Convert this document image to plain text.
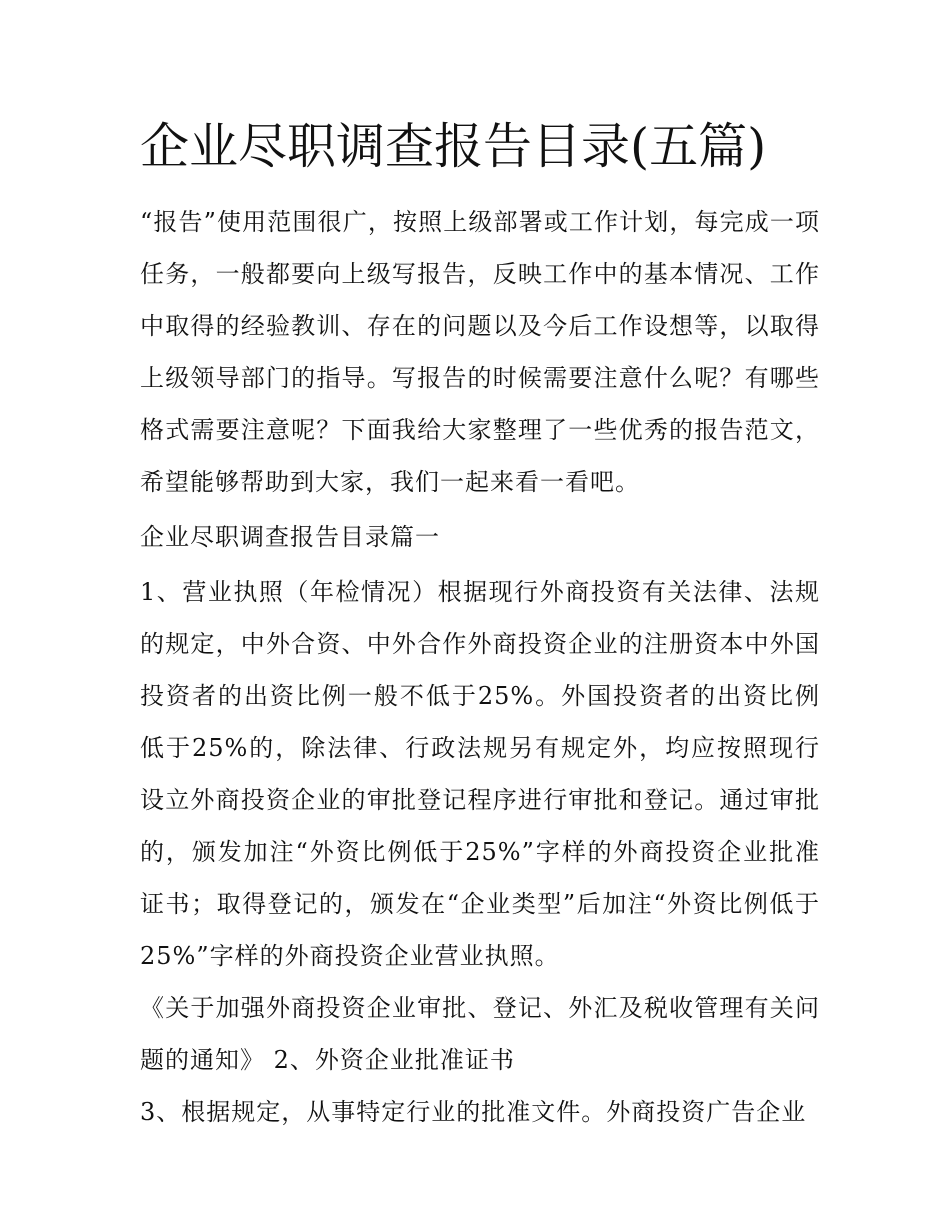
企业尽职调查报告目录(五篇)

“报告”使用范围很广，按照上级部署或工作计划，每完成一项任务，一般都要向上级写报告，反映工作中的基本情况、工作中取得的经验教训、存在的问题以及今后工作设想等，以取得上级领导部门的指导。写报告的时候需要注意什么呢？有哪些格式需要注意呢？下面我给大家整理了一些优秀的报告范文，希望能够帮助到大家，我们一起来看一看吧。

企业尽职调查报告目录篇一

1、营业执照（年检情况）根据现行外商投资有关法律、法规的规定，中外合资、中外合作外商投资企业的注册资本中外国投资者的出资比例一般不低于25%。外国投资者的出资比例低于25%的，除法律、行政法规另有规定外，均应按照现行设立外商投资企业的审批登记程序进行审批和登记。通过审批的，颁发加注“外资比例低于25%”字样的外商投资企业批准证书；取得登记的，颁发在“企业类型”后加注“外资比例低于25%”字样的外商投资企业营业执照。

《关于加强外商投资企业审批、登记、外汇及税收管理有关问题的通知》 2、外资企业批准证书

3、根据规定，从事特定行业的批准文件。外商投资广告企业
